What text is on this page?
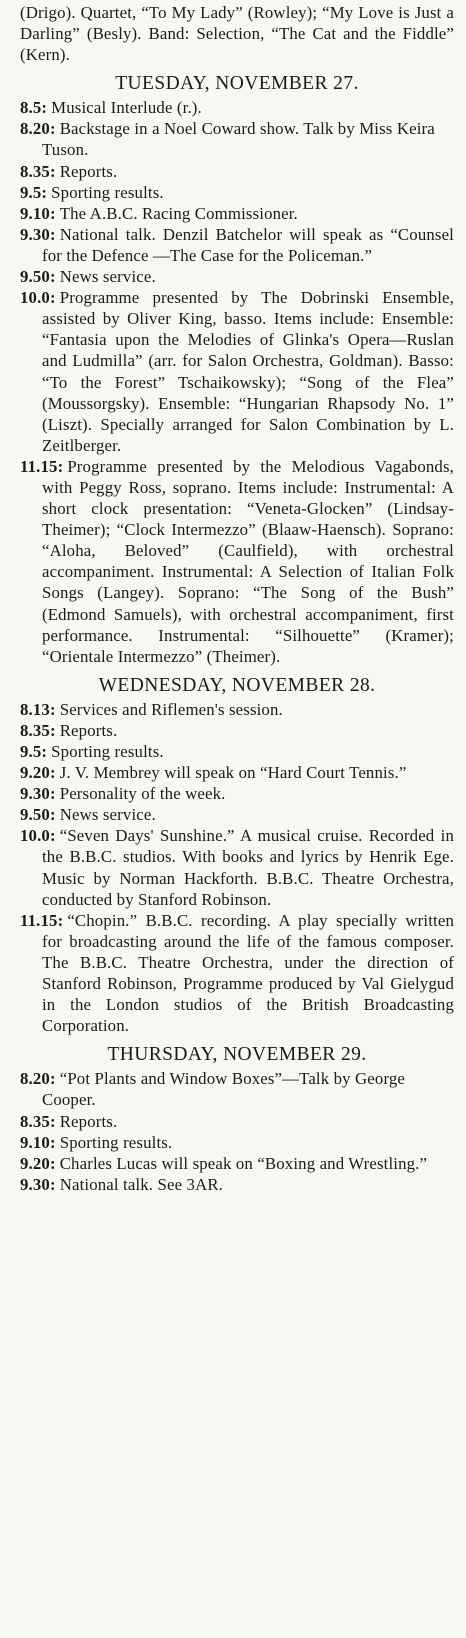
(Drigo). Quartet, “To My Lady” (Rowley); “My Love is Just a Darling” (Besly). Band: Selection, “The Cat and the Fiddle” (Kern).

TUESDAY, NOVEMBER 27.

8.5: Musical Interlude (r.).

8.20: Backstage in a Noel Coward show. Talk by Miss Keira Tuson.

8.35: Reports.

9.5: Sporting results.

9.10: The A.B.C. Racing Commissioner.

9.30: National talk. Denzil Batchelor will speak as “Counsel for the Defence —The Case for the Policeman.”

9.50: News service.

10.0: Programme presented by The Dobrinski Ensemble, assisted by Oliver King, basso. Items include: Ensemble: “Fantasia upon the Melodies of Glinka's Opera—Ruslan and Ludmilla” (arr. for Salon Orchestra, Goldman). Basso: “To the Forest” Tschaikowsky); “Song of the Flea” (Moussorgsky). Ensemble: “Hungarian Rhapsody No. 1” (Liszt). Specially arranged for Salon Combination by L. Zeitlberger.

11.15: Programme presented by the Melodious Vagabonds, with Peggy Ross, soprano. Items include: Instrumental: A short clock presentation: “Veneta-Glocken” (Lindsay-Theimer); “Clock Intermezzo” (Blaaw-Haensch). Soprano: “Aloha, Beloved” (Caulfield), with orchestral accompaniment. Instrumental: A Selection of Italian Folk Songs (Langey). Soprano: “The Song of the Bush” (Edmond Samuels), with orchestral accompaniment, first performance. Instrumental: “Silhouette” (Kramer); “Orientale Intermezzo” (Theimer).

WEDNESDAY, NOVEMBER 28.

8.13: Services and Riflemen's session.

8.35: Reports.

9.5: Sporting results.

9.20: J. V. Membrey will speak on “Hard Court Tennis.”

9.30: Personality of the week.

9.50: News service.

10.0: “Seven Days' Sunshine.” A musical cruise. Recorded in the B.B.C. studios. With books and lyrics by Henrik Ege. Music by Norman Hackforth. B.B.C. Theatre Orchestra, conducted by Stanford Robinson.

11.15: “Chopin.” B.B.C. recording. A play specially written for broadcasting around the life of the famous composer. The B.B.C. Theatre Orchestra, under the direction of Stanford Robinson, Programme produced by Val Gielygud in the London studios of the British Broadcasting Corporation.

THURSDAY, NOVEMBER 29.

8.20: “Pot Plants and Window Boxes”—Talk by George Cooper.

8.35: Reports.

9.10: Sporting results.

9.20: Charles Lucas will speak on “Boxing and Wrestling.”

9.30: National talk. See 3AR.
